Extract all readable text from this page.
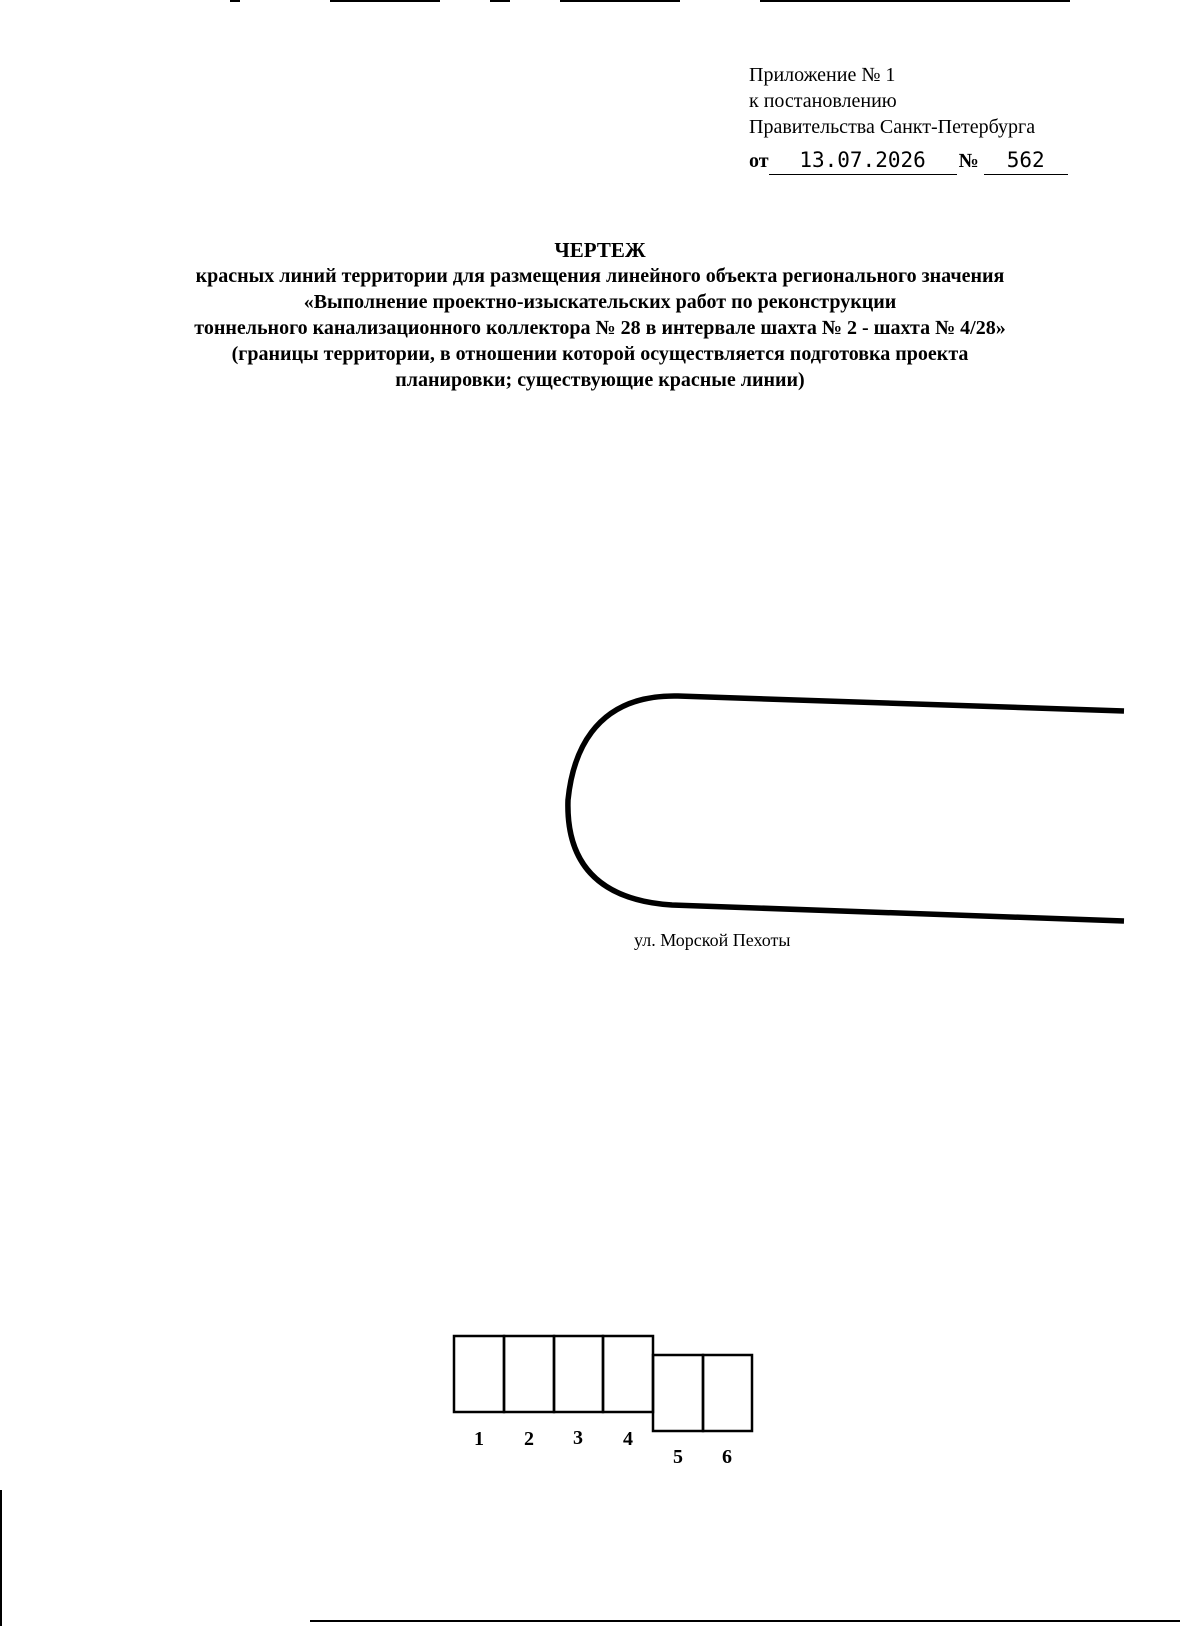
Приложение № 1
к постановлению
Правительства Санкт-Петербурга
от 13.07.2026 № 562
ЧЕРТЕЖ
красных линий территории для размещения линейного объекта регионального значения
«Выполнение проектно-изыскательских работ по реконструкции
тоннельного канализационного коллектора № 28 в интервале шахта № 2 - шахта № 4/28»
(границы территории, в отношении которой осуществляется подготовка проекта
планировки; существующие красные линии)
ул. Морской Пехоты
1	2	3	4
5	6
